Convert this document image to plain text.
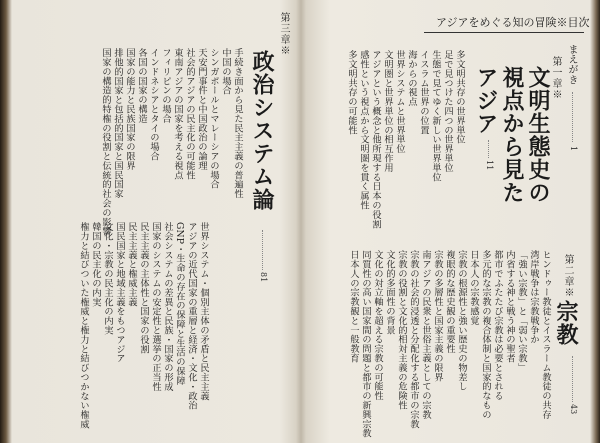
第三章※
政治システム論
81
手続き面から見た民主主義の普遍性
中国の場合
シンガポールとマレーシアの場合
天安門事件と中国政治の論理
社会的アジアの民主化の可能性
東南アジアの国家を考える視点
フィリピンの場合
インドネシアとタイの場合
各国の国家の構造
国家の能力と民族国家の限界
排他的国家と包括的国家と国民国家
国家の構造的特権の役割と伝統的社会の影響
世界システム・個別主体の矛盾と民主主義
アジアの近代国家の重層と経済・文化・政治
GNP・生命の存在の保障と生活の保障
社会システムの差異と民族・国家の形成
国家のシステムの安定性と選挙の正当性
民主主義の主体性と国家の役割
民主主義と権威主義
国民国家と地域主義をもつアジア
文化・宗教の民主化の内実
韓国の民主化の内実
権力と結びついた権威と権力と結びつかない権威
アジアをめぐる知の冒険※目次
まえがき
1
第一章※
文明生態史の
視点から見た
アジア
11
多文明共存の世界単位
足で見つけた四つの世界単位
生態で見てゆく新しい世界単位
イスラム世界の位置
海からの視点
世界システムと世界単位
文明圏と世界単位の相互作用
アジアという概念と他所現する日本の役割
感性という視点から文明圏を貫く属性
多文明共存の可能性
第二章※
宗教
43
ヒンドゥー教徒とイスラーム教徒の共存
湾岸戦争は宗教戦争か
「強い宗教」と「弱い宗教」
内省する神と戦う神の聖者
都市でふたたび宗教は必要とされる
多元的な宗教の複合体制と国家的なもの
日本人の宗教感覚
宗教の根源性と強い歴史の物差し
複眼的な歴史観の重要性
宗教の多層性と国家主義の限界
南アジアの民衆と世俗主義としての宗教
宗教の社会的浸透と分配化する都市の宗教
宗教の役割と文化的相対主義の危険性
文化的多面性の背景
文化の対立軸を超える宗教の可能性
同質性の高い国家間の問題と都市の新興宗教
日本人の宗教観と一般教育
